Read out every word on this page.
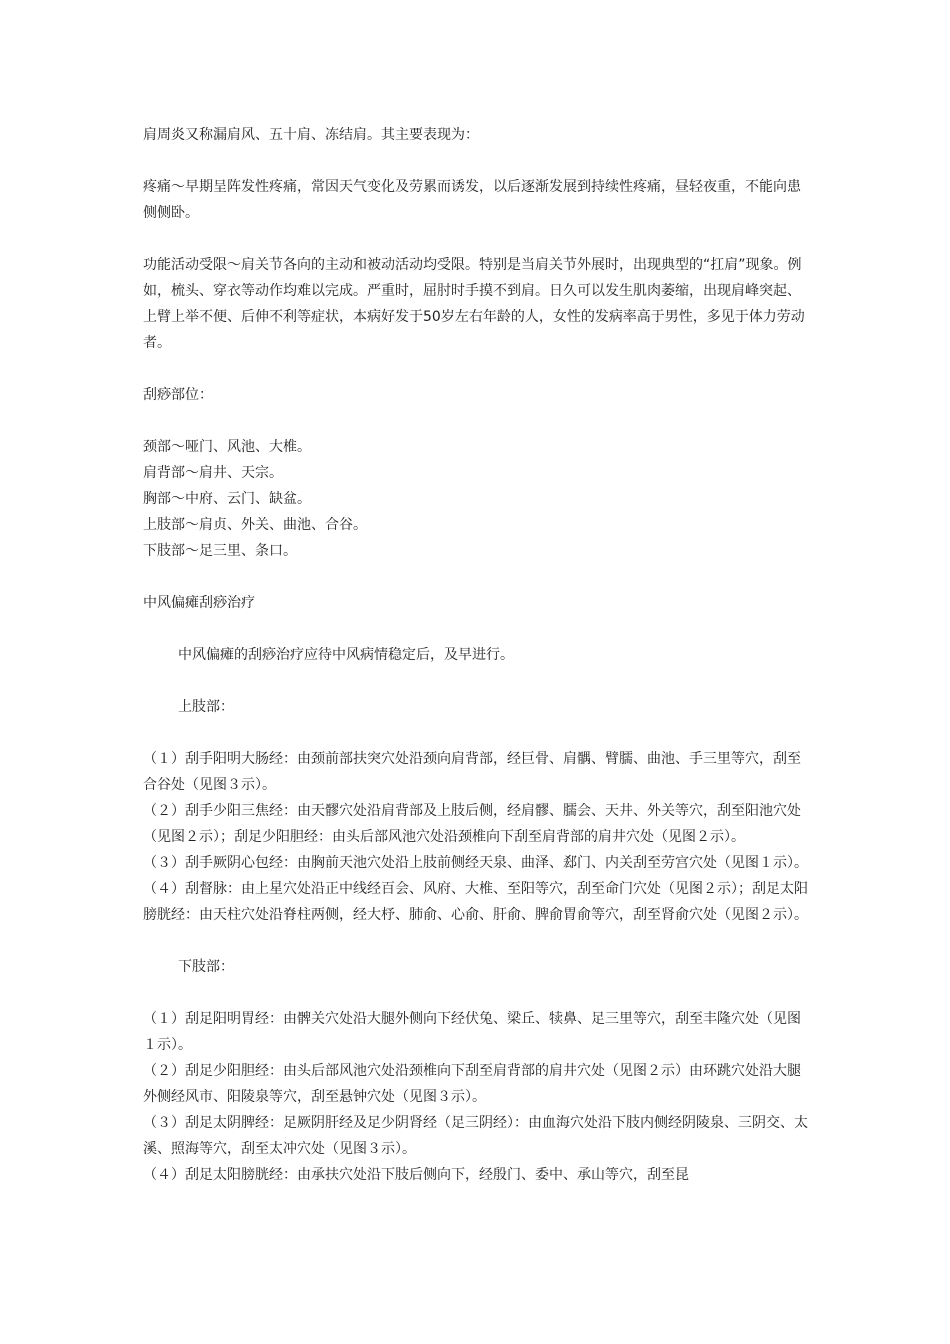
肩周炎又称漏肩风、五十肩、冻结肩。其主要表现为：

疼痛～早期呈阵发性疼痛，常因天气变化及劳累而诱发，以后逐渐发展到持续性疼痛，昼轻夜重，不能向患侧侧卧。

功能活动受限～肩关节各向的主动和被动活动均受限。特别是当肩关节外展时，出现典型的“扛肩”现象。例如，梳头、穿衣等动作均难以完成。严重时，屈肘时手摸不到肩。日久可以发生肌肉萎缩，出现肩峰突起、上臂上举不便、后伸不利等症状，本病好发于50岁左右年龄的人，女性的发病率高于男性，多见于体力劳动者。

刮痧部位：

颈部～哑门、风池、大椎。

肩背部～肩井、天宗。

胸部～中府、云门、缺盆。

上肢部～肩贞、外关、曲池、合谷。

下肢部～足三里、条口。

中风偏瘫刮痧治疗

中风偏瘫的刮痧治疗应待中风病情稳定后，及早进行。

上肢部：

（１）刮手阳明大肠经：由颈前部扶突穴处沿颈向肩背部，经巨骨、肩髃、臂臑、曲池、手三里等穴，刮至合谷处（见图３示）。

（２）刮手少阳三焦经：由天髎穴处沿肩背部及上肢后侧，经肩髎、臑会、天井、外关等穴，刮至阳池穴处（见图２示）；刮足少阳胆经：由头后部风池穴处沿颈椎向下刮至肩背部的肩井穴处（见图２示）。

（３）刮手厥阴心包经：由胸前天池穴处沿上肢前侧经天泉、曲泽、郄门、内关刮至劳宫穴处（见图１示）。

（４）刮督脉：由上星穴处沿正中线经百会、风府、大椎、至阳等穴，刮至命门穴处（见图２示）；刮足太阳膀胱经：由天柱穴处沿脊柱两侧，经大杼、肺俞、心俞、肝俞、脾俞胃俞等穴，刮至肾俞穴处（见图２示）。

下肢部：

（１）刮足阳明胃经：由髀关穴处沿大腿外侧向下经伏兔、梁丘、犊鼻、足三里等穴，刮至丰隆穴处（见图１示）。

（２）刮足少阳胆经：由头后部风池穴处沿颈椎向下刮至肩背部的肩井穴处（见图２示）由环跳穴处沿大腿外侧经风市、阳陵泉等穴，刮至悬钟穴处（见图３示）。

（３）刮足太阴脾经：足厥阴肝经及足少阴肾经（足三阴经）：由血海穴处沿下肢内侧经阴陵泉、三阴交、太溪、照海等穴，刮至太冲穴处（见图３示）。

（４）刮足太阳膀胱经：由承扶穴处沿下肢后侧向下，经殷门、委中、承山等穴，刮至昆
